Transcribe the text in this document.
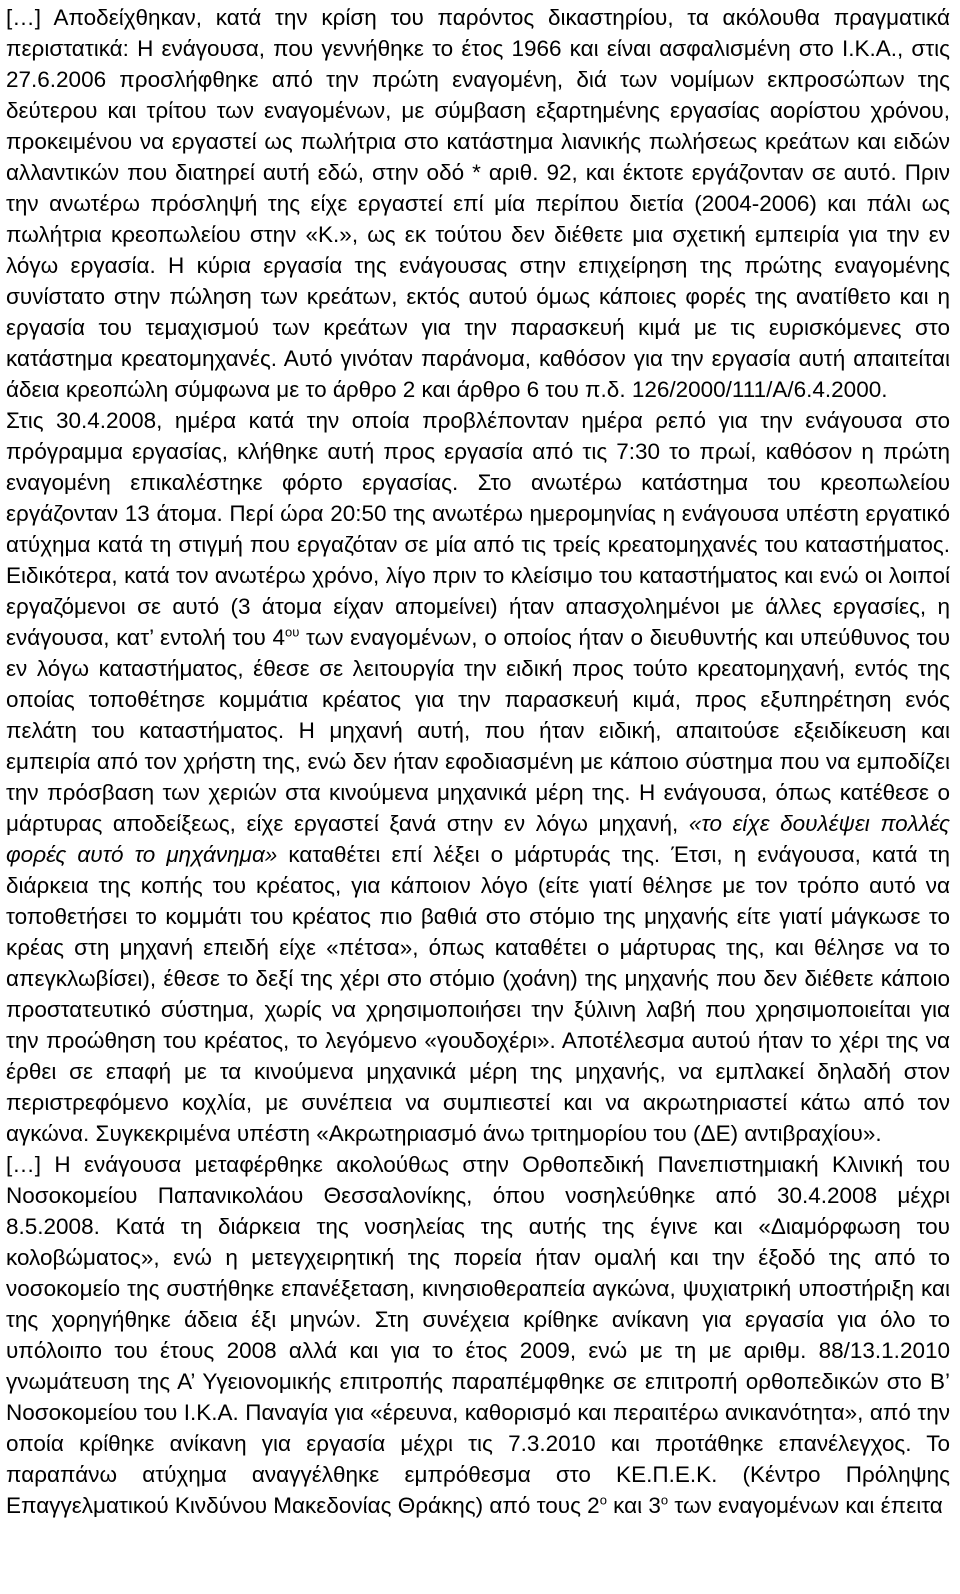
[…] Αποδείχθηκαν, κατά την κρίση του παρόντος δικαστηρίου, τα ακόλουθα πραγματικά περιστατικά: Η ενάγουσα, που γεννήθηκε το έτος 1966 και είναι ασφαλισμένη στο Ι.Κ.Α., στις 27.6.2006 προσλήφθηκε από την πρώτη εναγομένη, διά των νομίμων εκπροσώπων της δεύτερου και τρίτου των εναγομένων, με σύμβαση εξαρτημένης εργασίας αορίστου χρόνου, προκειμένου να εργαστεί ως πωλήτρια στο κατάστημα λιανικής πωλήσεως κρεάτων και ειδών αλλαντικών που διατηρεί αυτή εδώ, στην οδό * αριθ. 92, και έκτοτε εργάζονταν σε αυτό. Πριν την ανωτέρω πρόσληψή της είχε εργαστεί επί μία περίπου διετία (2004-2006) και πάλι ως πωλήτρια κρεοπωλείου στην «Κ.», ως εκ τούτου δεν διέθετε μια σχετική εμπειρία για την εν λόγω εργασία. Η κύρια εργασία της ενάγουσας στην επιχείρηση της πρώτης εναγομένης συνίστατο στην πώληση των κρεάτων, εκτός αυτού όμως κάποιες φορές της ανατίθετο και η εργασία του τεμαχισμού των κρεάτων για την παρασκευή κιμά με τις ευρισκόμενες στο κατάστημα κρεατομηχανές. Αυτό γινόταν παράνομα, καθόσον για την εργασία αυτή απαιτείται άδεια κρεοπώλη σύμφωνα με το άρθρο 2 και άρθρο 6 του π.δ. 126/2000/111/Α/6.4.2000.

Στις 30.4.2008, ημέρα κατά την οποία προβλέπονταν ημέρα ρεπό για την ενάγουσα στο πρόγραμμα εργασίας, κλήθηκε αυτή προς εργασία από τις 7:30 το πρωί, καθόσον η πρώτη εναγομένη επικαλέστηκε φόρτο εργασίας. Στο ανωτέρω κατάστημα του κρεοπωλείου εργάζονταν 13 άτομα. Περί ώρα 20:50 της ανωτέρω ημερομηνίας η ενάγουσα υπέστη εργατικό ατύχημα κατά τη στιγμή που εργαζόταν σε μία από τις τρείς κρεατομηχανές του καταστήματος. Ειδικότερα, κατά τον ανωτέρω χρόνο, λίγο πριν το κλείσιμο του καταστήματος και ενώ οι λοιποί εργαζόμενοι σε αυτό (3 άτομα είχαν απομείνει) ήταν απασχολημένοι με άλλες εργασίες, η ενάγουσα, κατ’ εντολή του $4^{o\upsilon}$ των εναγομένων, ο οποίος ήταν ο διευθυντής και υπεύθυνος του εν λόγω καταστήματος, έθεσε σε λειτουργία την ειδική προς τούτο κρεατομηχανή, εντός της οποίας τοποθέτησε κομμάτια κρέατος για την παρασκευή κιμά, προς εξυπηρέτηση ενός πελάτη του καταστήματος. Η μηχανή αυτή, που ήταν ειδική, απαιτούσε εξειδίκευση και εμπειρία από τον χρήστη της, ενώ δεν ήταν εφοδιασμένη με κάποιο σύστημα που να εμποδίζει την πρόσβαση των χεριών στα κινούμενα μηχανικά μέρη της. Η ενάγουσα, όπως κατέθεσε ο μάρτυρας αποδείξεως, είχε εργαστεί ξανά στην εν λόγω μηχανή, «το είχε δουλέψει πολλές φορές αυτό το μηχάνημα» καταθέτει επί λέξει ο μάρτυράς της. Έτσι, η ενάγουσα, κατά τη διάρκεια της κοπής του κρέατος, για κάποιον λόγο (είτε γιατί θέλησε με τον τρόπο αυτό να τοποθετήσει το κομμάτι του κρέατος πιο βαθιά στο στόμιο της μηχανής είτε γιατί μάγκωσε το κρέας στη μηχανή επειδή είχε «πέτσα», όπως καταθέτει ο μάρτυρας της, και θέλησε να το απεγκλωβίσει), έθεσε το δεξί της χέρι στο στόμιο (χοάνη) της μηχανής που δεν διέθετε κάποιο προστατευτικό σύστημα, χωρίς να χρησιμοποιήσει την ξύλινη λαβή που χρησιμοποιείται για την προώθηση του κρέατος, το λεγόμενο «γουδοχέρι». Αποτέλεσμα αυτού ήταν το χέρι της να έρθει σε επαφή με τα κινούμενα μηχανικά μέρη της μηχανής, να εμπλακεί δηλαδή στον περιστρεφόμενο κοχλία, με συνέπεια να συμπιεστεί και να ακρωτηριαστεί κάτω από τον αγκώνα. Συγκεκριμένα υπέστη «Ακρωτηριασμό άνω τριτημορίου του (ΔΕ) αντιβραχίου».

[…] Η ενάγουσα μεταφέρθηκε ακολούθως στην Ορθοπεδική Πανεπιστημιακή Κλινική του Νοσοκομείου Παπανικολάου Θεσσαλονίκης, όπου νοσηλεύθηκε από 30.4.2008 μέχρι 8.5.2008. Κατά τη διάρκεια της νοσηλείας της αυτής της έγινε και «Διαμόρφωση του κολοβώματος», ενώ η μετεγχειρητική της πορεία ήταν ομαλή και την έξοδό της από το νοσοκομείο της συστήθηκε επανέξεταση, κινησιοθεραπεία αγκώνα, ψυχιατρική υποστήριξη και της χορηγήθηκε άδεια έξι μηνών. Στη συνέχεια κρίθηκε ανίκανη για εργασία για όλο το υπόλοιπο του έτους 2008 αλλά και για το έτος 2009, ενώ με τη με αριθμ. 88/13.1.2010 γνωμάτευση της Α’ Υγειονομικής επιτροπής παραπέμφθηκε σε επιτροπή ορθοπεδικών στο Β’ Νοσοκομείου του Ι.Κ.Α. Παναγία για «έρευνα, καθορισμό και περαιτέρω ανικανότητα», από την οποία κρίθηκε ανίκανη για εργασία μέχρι τις 7.3.2010 και προτάθηκε επανέλεγχος. Το παραπάνω ατύχημα αναγγέλθηκε εμπρόθεσμα στο ΚΕ.Π.Ε.Κ. (Κέντρο Πρόληψης Επαγγελματικού Κινδύνου Μακεδονίας Θράκης) από τους $2^o$ και $3^o$ των εναγομένων και έπειτα
